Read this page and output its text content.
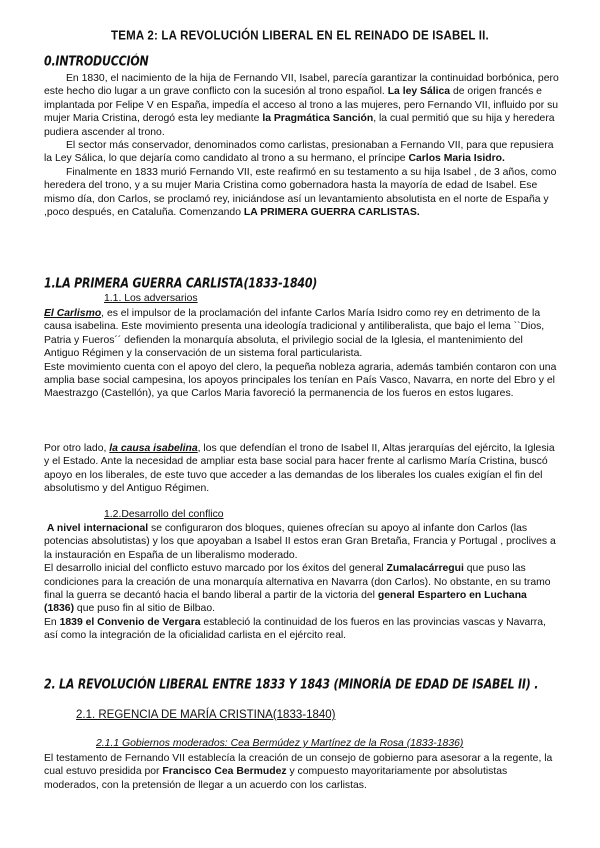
TEMA 2: LA REVOLUCIÓN LIBERAL EN EL REINADO DE ISABEL II.
0.INTRODUCCIÓN

En 1830, el nacimiento de la hija de Fernando VII, Isabel, parecía garantizar la continuidad borbónica, pero este hecho dio lugar a un grave conflicto con la sucesión al trono español. La ley Sálica de origen francés e implantada por Felipe V en España, impedía el acceso al trono a las mujeres, pero Fernando VII, influido por su mujer Maria Cristina, derogó esta ley mediante la Pragmática Sanción, la cual permitió que su hija y heredera pudiera ascender al trono.

El sector más conservador, denominados como carlistas, presionaban a Fernando VII, para que repusiera la Ley Sálica, lo que dejaría como candidato al trono a su hermano, el príncipe Carlos Maria Isidro.

Finalmente en 1833 murió Fernando VII, este reafirmó en su testamento a su hija Isabel , de 3 años, como heredera del trono, y a su mujer Maria Cristina como gobernadora hasta la mayoría de edad de Isabel. Ese mismo día, don Carlos, se proclamó rey, iniciándose así un levantamiento absolutista en el norte de España y ,poco después, en Cataluña. Comenzando LA PRIMERA GUERRA CARLISTAS.

1.LA PRIMERA GUERRA CARLISTA(1833-1840)
1.1. Los adversarios

El Carlismo, es el impulsor de la proclamación del infante Carlos María Isidro como rey en detrimento de la causa isabelina. Este movimiento presenta una ideología tradicional y antiliberalista, que bajo el lema ``Dios, Patria y Fueros´´ defienden la monarquía absoluta, el privilegio social de la Iglesia, el mantenimiento del Antiguo Régimen y la conservación de un sistema foral particularista.

Este movimiento cuenta con el apoyo del clero, la pequeña nobleza agraria, además también contaron con una amplia base social campesina, los apoyos principales los tenían en País Vasco, Navarra, en norte del Ebro y el Maestrazgo (Castellón), ya que Carlos Maria favoreció la permanencia de los fueros en estos lugares.

Por otro lado, la causa isabelina, los que defendían el trono de Isabel II, Altas jerarquías del ejército, la Iglesia y el Estado. Ante la necesidad de ampliar esta base social para hacer frente al carlismo María Cristina, buscó apoyo en los liberales, de este tuvo que acceder a las demandas de los liberales los cuales exigían el fin del absolutismo y del Antiguo Régimen.

1.2.Desarrollo del conflico

A nivel internacional se configuraron dos bloques, quienes ofrecían su apoyo al infante don Carlos (las potencias absolutistas) y los que apoyaban a Isabel II estos eran Gran Bretaña, Francia y Portugal , proclives a la instauración en España de un liberalismo moderado.

El desarrollo inicial del conflicto estuvo marcado por los éxitos del general Zumalacárregui que puso las condiciones para la creación de una monarquía alternativa en Navarra (don Carlos). No obstante, en su tramo final la guerra se decantó hacia el bando liberal a partir de la victoria del general Espartero en Luchana (1836) que puso fin al sitio de Bilbao.

En 1839 el Convenio de Vergara estableció la continuidad de los fueros en las provincias vascas y Navarra, así como la integración de la oficialidad carlista en el ejército real.

2. LA REVOLUCIÓN LIBERAL ENTRE 1833 Y 1843 (MINORÍA DE EDAD DE ISABEL II) .
2.1. REGENCIA DE MARÍA CRISTINA(1833-1840)
2.1.1 Gobiernos moderados: Cea Bermúdez y Martínez de la Rosa (1833-1836)

El testamento de Fernando VII establecía la creación de un consejo de gobierno para asesorar a la regente, la cual estuvo presidida por Francisco Cea Bermudez y compuesto mayoritariamente por absolutistas moderados, con la pretensión de llegar a un acuerdo con los carlistas.
